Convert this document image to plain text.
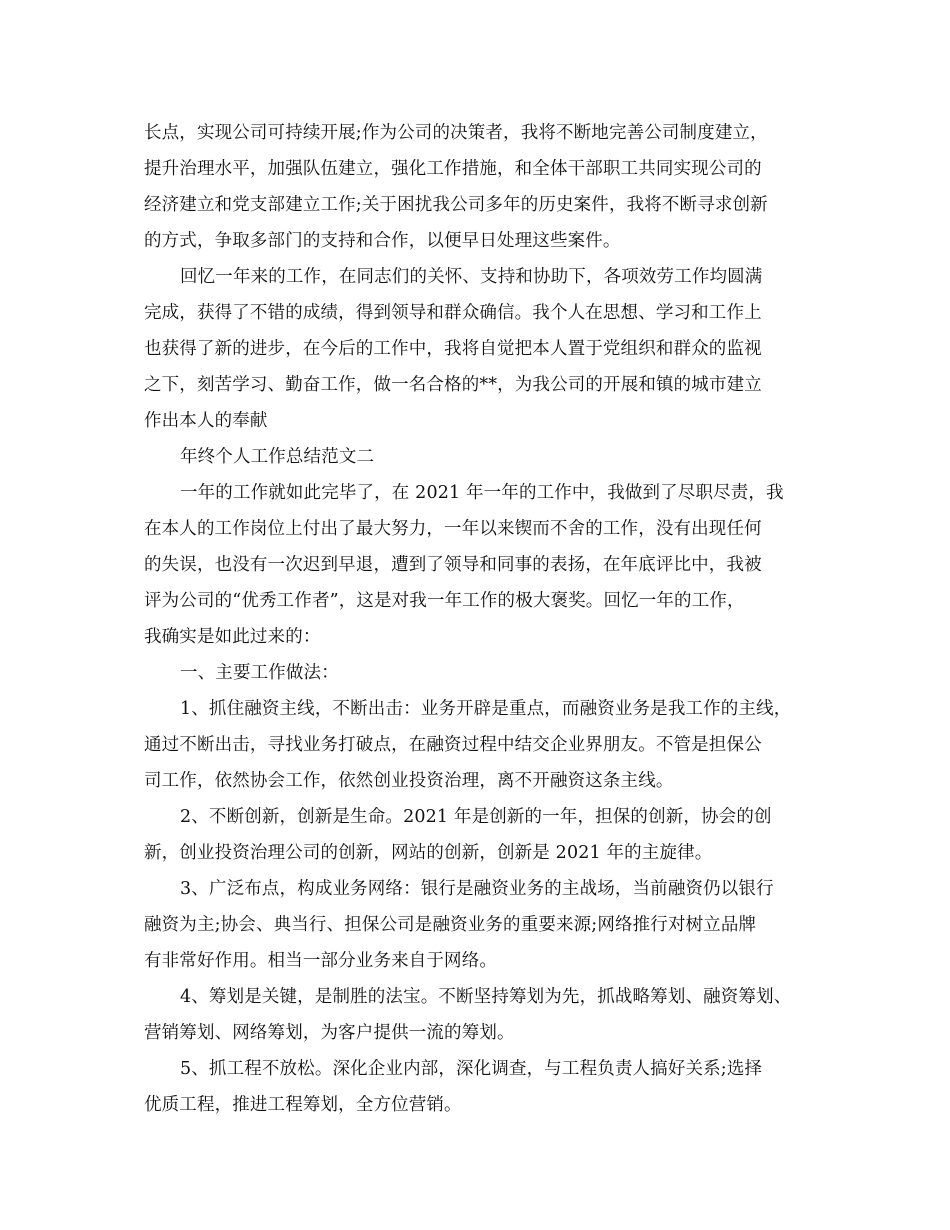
长点，实现公司可持续开展;作为公司的决策者，我将不断地完善公司制度建立，
提升治理水平，加强队伍建立，强化工作措施，和全体干部职工共同实现公司的
经济建立和党支部建立工作;关于困扰我公司多年的历史案件，我将不断寻求创新
的方式，争取多部门的支持和合作，以便早日处理这些案件。
回忆一年来的工作，在同志们的关怀、支持和协助下，各项效劳工作均圆满
完成，获得了不错的成绩，得到领导和群众确信。我个人在思想、学习和工作上
也获得了新的进步，在今后的工作中，我将自觉把本人置于党组织和群众的监视
之下，刻苦学习、勤奋工作，做一名合格的**，为我公司的开展和镇的城市建立
作出本人的奉献
年终个人工作总结范文二
一年的工作就如此完毕了，在 2021 年一年的工作中，我做到了尽职尽责，我
在本人的工作岗位上付出了最大努力，一年以来锲而不舍的工作，没有出现任何
的失误，也没有一次迟到早退，遭到了领导和同事的表扬，在年底评比中，我被
评为公司的“优秀工作者”，这是对我一年工作的极大褒奖。回忆一年的工作，
我确实是如此过来的：
一、主要工作做法：
1、抓住融资主线，不断出击：业务开辟是重点，而融资业务是我工作的主线，
通过不断出击，寻找业务打破点，在融资过程中结交企业界朋友。不管是担保公
司工作，依然协会工作，依然创业投资治理，离不开融资这条主线。
2、不断创新，创新是生命。2021 年是创新的一年，担保的创新，协会的创
新，创业投资治理公司的创新，网站的创新，创新是 2021 年的主旋律。
3、广泛布点，构成业务网络：银行是融资业务的主战场，当前融资仍以银行
融资为主;协会、典当行、担保公司是融资业务的重要来源;网络推行对树立品牌
有非常好作用。相当一部分业务来自于网络。
4、筹划是关键，是制胜的法宝。不断坚持筹划为先，抓战略筹划、融资筹划、
营销筹划、网络筹划，为客户提供一流的筹划。
5、抓工程不放松。深化企业内部，深化调查，与工程负责人搞好关系;选择
优质工程，推进工程筹划，全方位营销。
